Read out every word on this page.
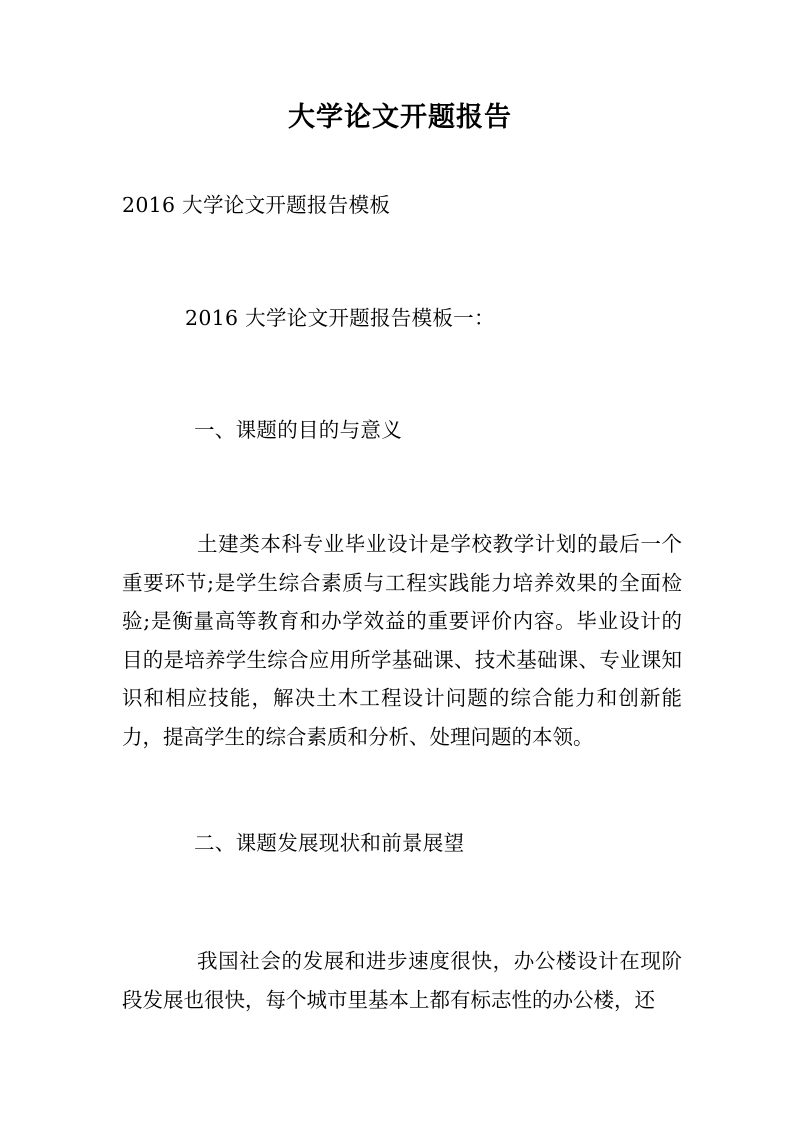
大学论文开题报告
2016 大学论文开题报告模板
2016 大学论文开题报告模板一：
一、课题的目的与意义
土建类本科专业毕业设计是学校教学计划的最后一个重要环节;是学生综合素质与工程实践能力培养效果的全面检验;是衡量高等教育和办学效益的重要评价内容。毕业设计的目的是培养学生综合应用所学基础课、技术基础课、专业课知识和相应技能，解决土木工程设计问题的综合能力和创新能力，提高学生的综合素质和分析、处理问题的本领。
二、课题发展现状和前景展望
我国社会的发展和进步速度很快，办公楼设计在现阶段发展也很快，每个城市里基本上都有标志性的办公楼，还
